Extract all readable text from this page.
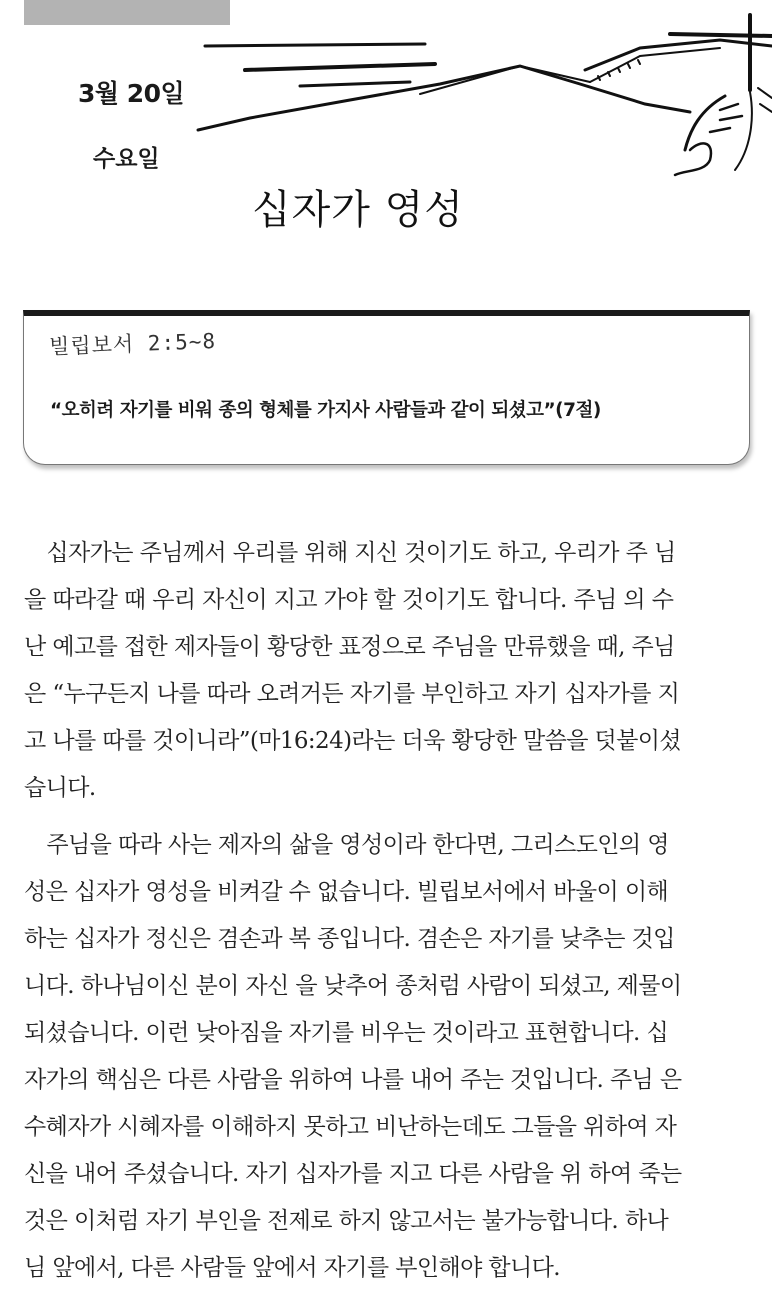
3월 20일
수요일
십자가 영성
빌립보서 2:5~8
“오히려 자기를 비워 종의 형체를 가지사 사람들과 같이 되셨고”(7절)
　십자가는 주님께서 우리를 위해 지신 것이기도 하고, 우리가 주 님
을 따라갈 때 우리 자신이 지고 가야 할 것이기도 합니다. 주님 의 수
난 예고를 접한 제자들이 황당한 표정으로 주님을 만류했을 때, 주님
은 “누구든지 나를 따라 오려거든 자기를 부인하고 자기 십자가를 지
고 나를 따를 것이니라”(마16:24)라는 더욱 황당한 말씀을 덧붙이셨
습니다.
　주님을 따라 사는 제자의 삶을 영성이라 한다면, 그리스도인의 영
성은 십자가 영성을 비켜갈 수 없습니다. 빌립보서에서 바울이 이해
하는 십자가 정신은 겸손과 복 종입니다. 겸손은 자기를 낮추는 것입
니다. 하나님이신 분이 자신 을 낮추어 종처럼 사람이 되셨고, 제물이
되셨습니다. 이런 낮아짐을 자기를 비우는 것이라고 표현합니다. 십
자가의 핵심은 다른 사람을 위하여 나를 내어 주는 것입니다. 주님 은
수혜자가 시혜자를 이해하지 못하고 비난하는데도 그들을 위하여 자
신을 내어 주셨습니다. 자기 십자가를 지고 다른 사람을 위 하여 죽는
것은 이처럼 자기 부인을 전제로 하지 않고서는 불가능합니다. 하나
님 앞에서, 다른 사람들 앞에서 자기를 부인해야 합니다.
